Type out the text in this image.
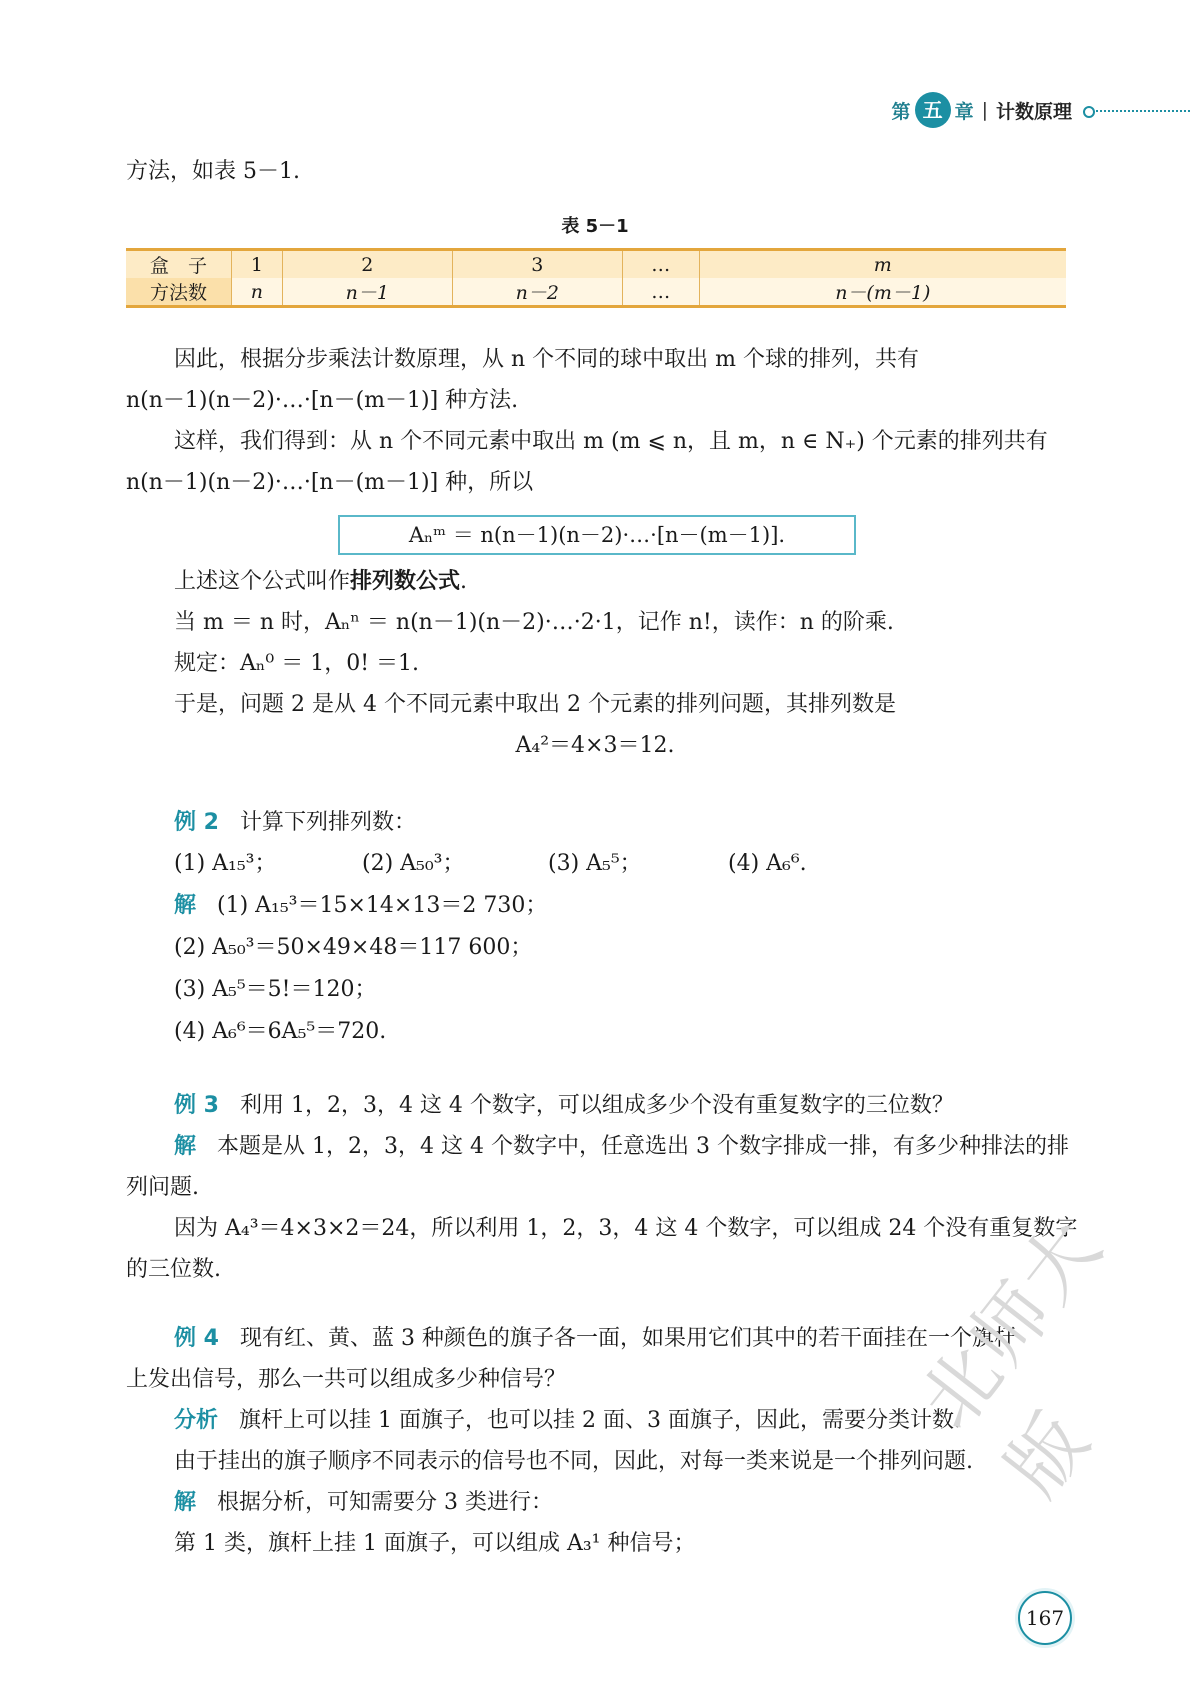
第 五 章 | 计数原理
方法，如表 5－1.
表 5－1
盒　子	1	2	3	…	m
方法数	n	n－1	n－2	…	n－(m－1)
因此，根据分步乘法计数原理，从 n 个不同的球中取出 m 个球的排列，共有
n(n－1)(n－2)·…·[n－(m－1)] 种方法.
这样，我们得到：从 n 个不同元素中取出 m (m ⩽ n，且 m，n ∈ N₊) 个元素的排列共有
n(n－1)(n－2)·…·[n－(m－1)] 种，所以
Aₙᵐ ＝ n(n－1)(n－2)·…·[n－(m－1)].
上述这个公式叫作排列数公式.
当 m ＝ n 时，Aₙⁿ ＝ n(n－1)(n－2)·…·2·1，记作 n!，读作：n 的阶乘.
规定：Aₙ⁰ ＝ 1，0! ＝1.
于是，问题 2 是从 4 个不同元素中取出 2 个元素的排列问题，其排列数是
A₄²＝4×3＝12.
例 2 计算下列排列数：
(1) A₁₅³；	(2) A₅₀³；	(3) A₅⁵；	(4) A₆⁶.
解 (1) A₁₅³＝15×14×13＝2 730；
(2) A₅₀³＝50×49×48＝117 600；
(3) A₅⁵＝5!＝120；
(4) A₆⁶＝6A₅⁵＝720.
例 3 利用 1，2，3，4 这 4 个数字，可以组成多少个没有重复数字的三位数？
解 本题是从 1，2，3，4 这 4 个数字中，任意选出 3 个数字排成一排，有多少种排法的排
列问题.
因为 A₄³＝4×3×2＝24，所以利用 1，2，3，4 这 4 个数字，可以组成 24 个没有重复数字
的三位数.
例 4 现有红、黄、蓝 3 种颜色的旗子各一面，如果用它们其中的若干面挂在一个旗杆
上发出信号，那么一共可以组成多少种信号？
分析 旗杆上可以挂 1 面旗子，也可以挂 2 面、3 面旗子，因此，需要分类计数.
由于挂出的旗子顺序不同表示的信号也不同，因此，对每一类来说是一个排列问题.
解 根据分析，可知需要分 3 类进行：
第 1 类，旗杆上挂 1 面旗子，可以组成 A₃¹ 种信号；
北师大版
167
